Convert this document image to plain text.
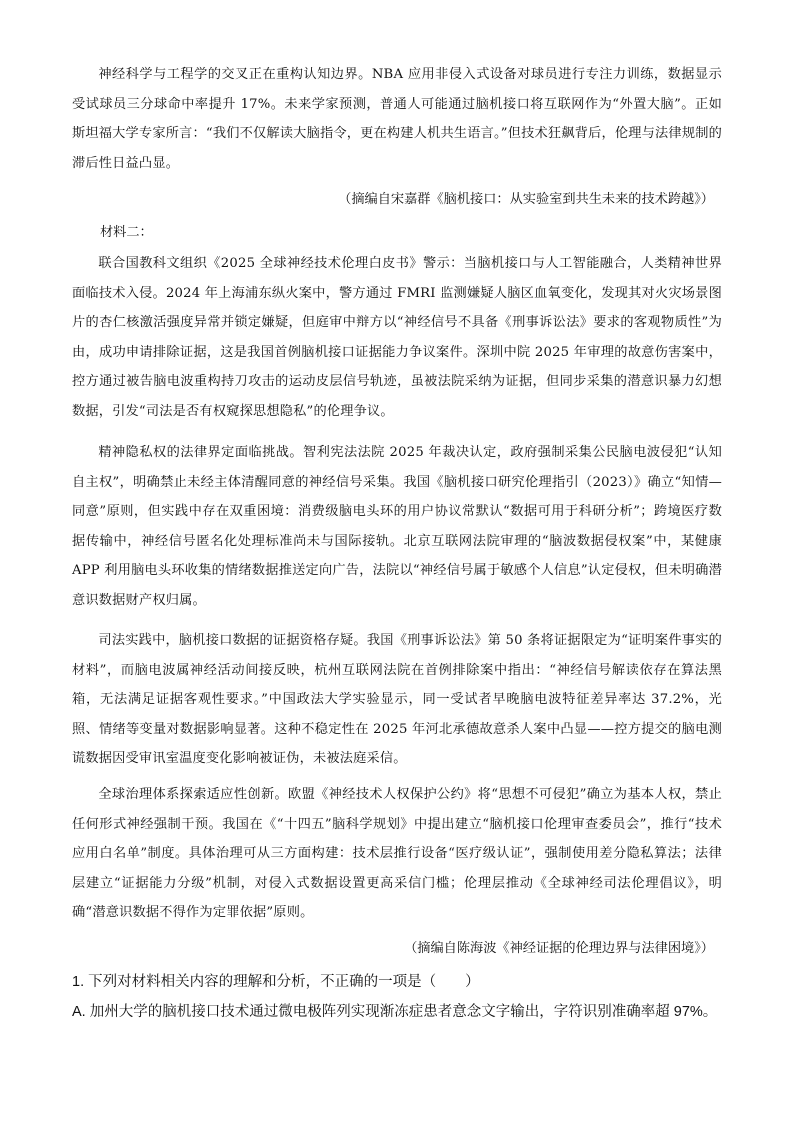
神经科学与工程学的交叉正在重构认知边界。NBA 应用非侵入式设备对球员进行专注力训练，数据显示受试球员三分球命中率提升 17%。未来学家预测，普通人可能通过脑机接口将互联网作为“外置大脑”。正如斯坦福大学专家所言：“我们不仅解读大脑指令，更在构建人机共生语言。”但技术狂飙背后，伦理与法律规制的滞后性日益凸显。

（摘编自宋嘉群《脑机接口：从实验室到共生未来的技术跨越》）
材料二：

联合国教科文组织《2025 全球神经技术伦理白皮书》警示：当脑机接口与人工智能融合，人类精神世界面临技术入侵。2024 年上海浦东纵火案中，警方通过 FMRI 监测嫌疑人脑区血氧变化，发现其对火灾场景图片的杏仁核激活强度异常并锁定嫌疑，但庭审中辩方以“神经信号不具备《刑事诉讼法》要求的客观物质性”为由，成功申请排除证据，这是我国首例脑机接口证据能力争议案件。深圳中院 2025 年审理的故意伤害案中，控方通过被告脑电波重构持刀攻击的运动皮层信号轨迹，虽被法院采纳为证据，但同步采集的潜意识暴力幻想数据，引发“司法是否有权窥探思想隐私”的伦理争议。

精神隐私权的法律界定面临挑战。智利宪法法院 2025 年裁决认定，政府强制采集公民脑电波侵犯“认知自主权”，明确禁止未经主体清醒同意的神经信号采集。我国《脑机接口研究伦理指引（2023）》确立“知情—同意”原则，但实践中存在双重困境：消费级脑电头环的用户协议常默认“数据可用于科研分析”；跨境医疗数据传输中，神经信号匿名化处理标准尚未与国际接轨。北京互联网法院审理的“脑波数据侵权案”中，某健康 APP 利用脑电头环收集的情绪数据推送定向广告，法院以“神经信号属于敏感个人信息”认定侵权，但未明确潜意识数据财产权归属。

司法实践中，脑机接口数据的证据资格存疑。我国《刑事诉讼法》第 50 条将证据限定为“证明案件事实的材料”，而脑电波属神经活动间接反映，杭州互联网法院在首例排除案中指出：“神经信号解读依存在算法黑箱，无法满足证据客观性要求。”中国政法大学实验显示，同一受试者早晚脑电波特征差异率达 37.2%，光照、情绪等变量对数据影响显著。这种不稳定性在 2025 年河北承德故意杀人案中凸显——控方提交的脑电测谎数据因受审讯室温度变化影响被证伪，未被法庭采信。

全球治理体系探索适应性创新。欧盟《神经技术人权保护公约》将“思想不可侵犯”确立为基本人权，禁止任何形式神经强制干预。我国在《“十四五”脑科学规划》中提出建立“脑机接口伦理审查委员会”，推行“技术应用白名单”制度。具体治理可从三方面构建：技术层推行设备“医疗级认证”，强制使用差分隐私算法；法律层建立“证据能力分级”机制，对侵入式数据设置更高采信门槛；伦理层推动《全球神经司法伦理倡议》，明确“潜意识数据不得作为定罪依据”原则。

（摘编自陈海波《神经证据的伦理边界与法律困境》）

1. 下列对材料相关内容的理解和分析，不正确的一项是（　　）

A. 加州大学的脑机接口技术通过微电极阵列实现渐冻症患者意念文字输出，字符识别准确率超 97%。
